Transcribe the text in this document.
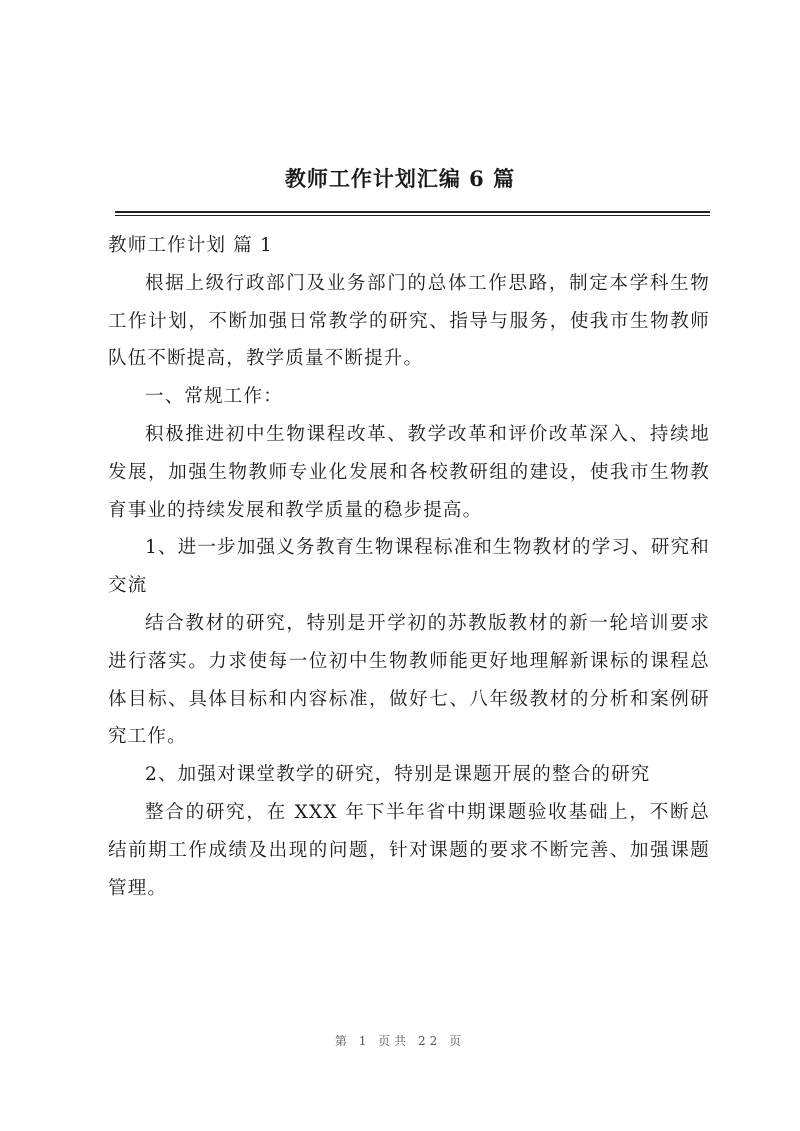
教师工作计划汇编 6 篇

教师工作计划 篇 1

根据上级行政部门及业务部门的总体工作思路，制定本学科生物工作计划，不断加强日常教学的研究、指导与服务，使我市生物教师队伍不断提高，教学质量不断提升。

一、常规工作：

积极推进初中生物课程改革、教学改革和评价改革深入、持续地发展，加强生物教师专业化发展和各校教研组的建设，使我市生物教育事业的持续发展和教学质量的稳步提高。

1、进一步加强义务教育生物课程标准和生物教材的学习、研究和交流

结合教材的研究，特别是开学初的苏教版教材的新一轮培训要求进行落实。力求使每一位初中生物教师能更好地理解新课标的课程总体目标、具体目标和内容标准，做好七、八年级教材的分析和案例研究工作。

2、加强对课堂教学的研究，特别是课题开展的整合的研究

整合的研究，在 XXX 年下半年省中期课题验收基础上，不断总结前期工作成绩及出现的问题，针对课题的要求不断完善、加强课题管理。

第 1 页共 22 页
